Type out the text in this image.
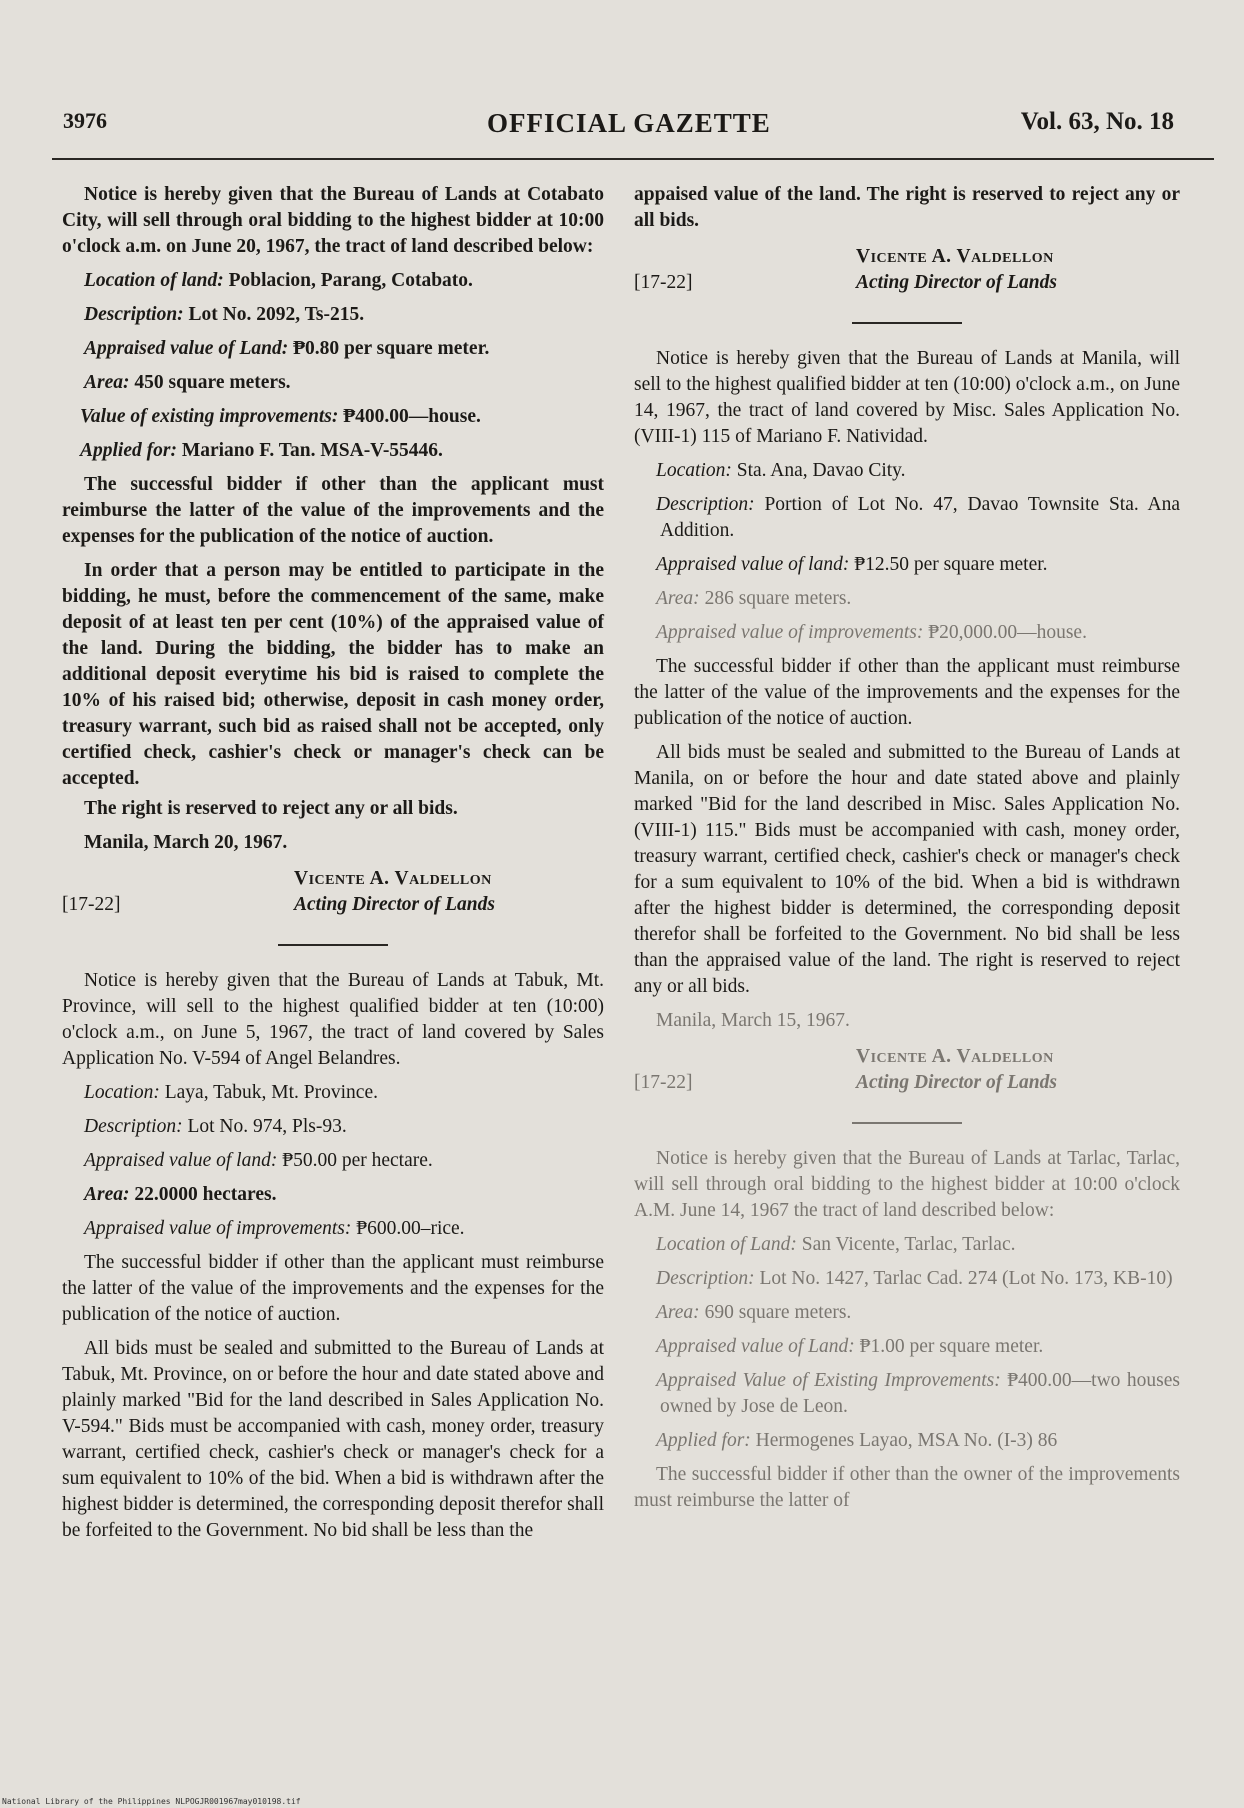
3976	OFFICIAL GAZETTE	Vol. 63, No. 18

Notice is hereby given that the Bureau of Lands at Cotabato City, will sell through oral bidding to the highest bidder at 10:00 o'clock a.m. on June 20, 1967, the tract of land described below:

Location of land: Poblacion, Parang, Cotabato.

Description: Lot No. 2092, Ts-215.

Appraised value of Land: ₱0.80 per square meter.

Area: 450 square meters.

Value of existing improvements: ₱400.00—house.

Applied for: Mariano F. Tan. MSA-V-55446.

The successful bidder if other than the applicant must reimburse the latter of the value of the improvements and the expenses for the publication of the notice of auction.

In order that a person may be entitled to participate in the bidding, he must, before the commencement of the same, make deposit of at least ten per cent (10%) of the appraised value of the land. During the bidding, the bidder has to make an additional deposit everytime his bid is raised to complete the 10% of his raised bid; otherwise, deposit in cash money order, treasury warrant, such bid as raised shall not be accepted, only certified check, cashier's check or manager's check can be accepted.

The right is reserved to reject any or all bids.

Manila, March 20, 1967.

[17-22]
Vicente A. Valdellon
Acting Director of Lands

Notice is hereby given that the Bureau of Lands at Tabuk, Mt. Province, will sell to the highest qualified bidder at ten (10:00) o'clock a.m., on June 5, 1967, the tract of land covered by Sales Application No. V-594 of Angel Belandres.

Location: Laya, Tabuk, Mt. Province.

Description: Lot No. 974, Pls-93.

Appraised value of land: ₱50.00 per hectare.

Area: 22.0000 hectares.

Appraised value of improvements: ₱600.00–rice.

The successful bidder if other than the applicant must reimburse the latter of the value of the improvements and the expenses for the publication of the notice of auction.

All bids must be sealed and submitted to the Bureau of Lands at Tabuk, Mt. Province, on or before the hour and date stated above and plainly marked "Bid for the land described in Sales Application No. V-594." Bids must be accompanied with cash, money order, treasury warrant, certified check, cashier's check or manager's check for a sum equivalent to 10% of the bid. When a bid is withdrawn after the highest bidder is determined, the corresponding deposit therefor shall be forfeited to the Government. No bid shall be less than the

appaised value of the land. The right is reserved to reject any or all bids.

[17-22]
Vicente A. Valdellon
Acting Director of Lands

Notice is hereby given that the Bureau of Lands at Manila, will sell to the highest qualified bidder at ten (10:00) o'clock a.m., on June 14, 1967, the tract of land covered by Misc. Sales Application No. (VIII-1) 115 of Mariano F. Natividad.

Location: Sta. Ana, Davao City.

Description: Portion of Lot No. 47, Davao Townsite Sta. Ana Addition.

Appraised value of land: ₱12.50 per square meter.

Area: 286 square meters.

Appraised value of improvements: ₱20,000.00—house.

The successful bidder if other than the applicant must reimburse the latter of the value of the improvements and the expenses for the publication of the notice of auction.

All bids must be sealed and submitted to the Bureau of Lands at Manila, on or before the hour and date stated above and plainly marked "Bid for the land described in Misc. Sales Application No. (VIII-1) 115." Bids must be accompanied with cash, money order, treasury warrant, certified check, cashier's check or manager's check for a sum equivalent to 10% of the bid. When a bid is withdrawn after the highest bidder is determined, the corresponding deposit therefor shall be forfeited to the Government. No bid shall be less than the appraised value of the land. The right is reserved to reject any or all bids.

Manila, March 15, 1967.

[17-22]
Vicente A. Valdellon
Acting Director of Lands

Notice is hereby given that the Bureau of Lands at Tarlac, Tarlac, will sell through oral bidding to the highest bidder at 10:00 o'clock A.M. June 14, 1967 the tract of land described below:

Location of Land: San Vicente, Tarlac, Tarlac.

Description: Lot No. 1427, Tarlac Cad. 274 (Lot No. 173, KB-10)

Area: 690 square meters.

Appraised value of Land: ₱1.00 per square meter.

Appraised Value of Existing Improvements: ₱400.00—two houses owned by Jose de Leon.

Applied for: Hermogenes Layao, MSA No. (I-3) 86

The successful bidder if other than the owner of the improvements must reimburse the latter of

National Library of the Philippines NLPOGJR001967may010198.tif
